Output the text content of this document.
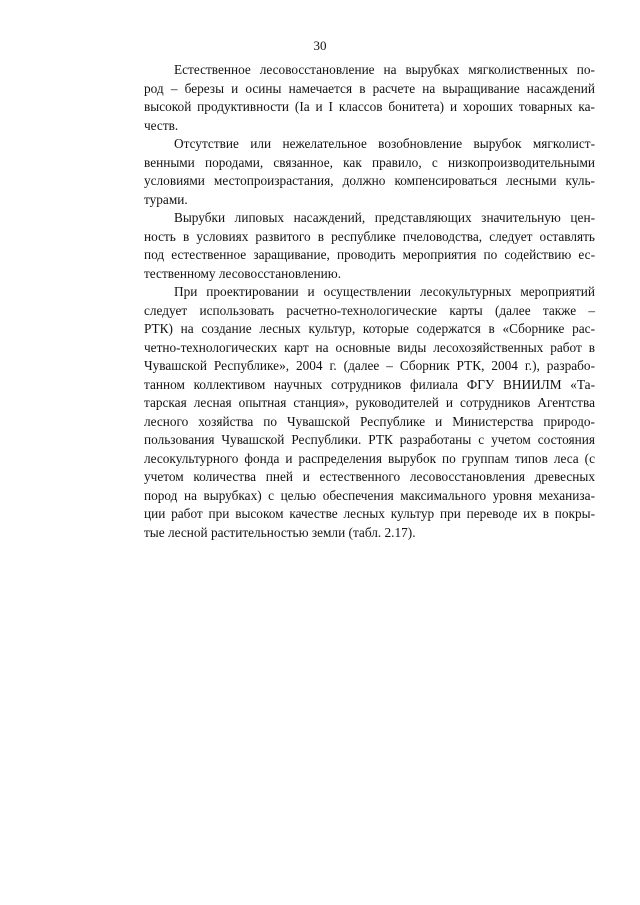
30
Естественное лесовосстановление на вырубках мягколиственных по-
род – березы и осины намечается в расчете на выращивание насаждений
высокой продуктивности (Ia и I классов бонитета) и хороших товарных ка-
честв.
Отсутствие или нежелательное возобновление вырубок мягколист-
венными породами, связанное, как правило, с низкопроизводительными
условиями местопроизрастания, должно компенсироваться лесными куль-
турами.
Вырубки липовых насаждений, представляющих значительную цен-
ность в условиях развитого в республике пчеловодства, следует оставлять
под естественное заращивание, проводить мероприятия по содействию ес-
тественному лесовосстановлению.
При проектировании и осуществлении лесокультурных мероприятий
следует использовать расчетно-технологические карты (далее также –
РТК) на создание лесных культур, которые содержатся в «Сборнике рас-
четно-технологических карт на основные виды лесохозяйственных работ в
Чувашской Республике», 2004 г. (далее – Сборник РТК, 2004 г.), разрабо-
танном коллективом научных сотрудников филиала ФГУ ВНИИЛМ «Та-
тарская лесная опытная станция», руководителей и сотрудников Агентства
лесного хозяйства по Чувашской Республике и Министерства природо-
пользования Чувашской Республики. РТК разработаны с учетом состояния
лесокультурного фонда и распределения вырубок по группам типов леса (с
учетом количества пней и естественного лесовосстановления древесных
пород на вырубках) с целью обеспечения максимального уровня механиза-
ции работ при высоком качестве лесных культур при переводе их в покры-
тые лесной растительностью земли (табл. 2.17).
